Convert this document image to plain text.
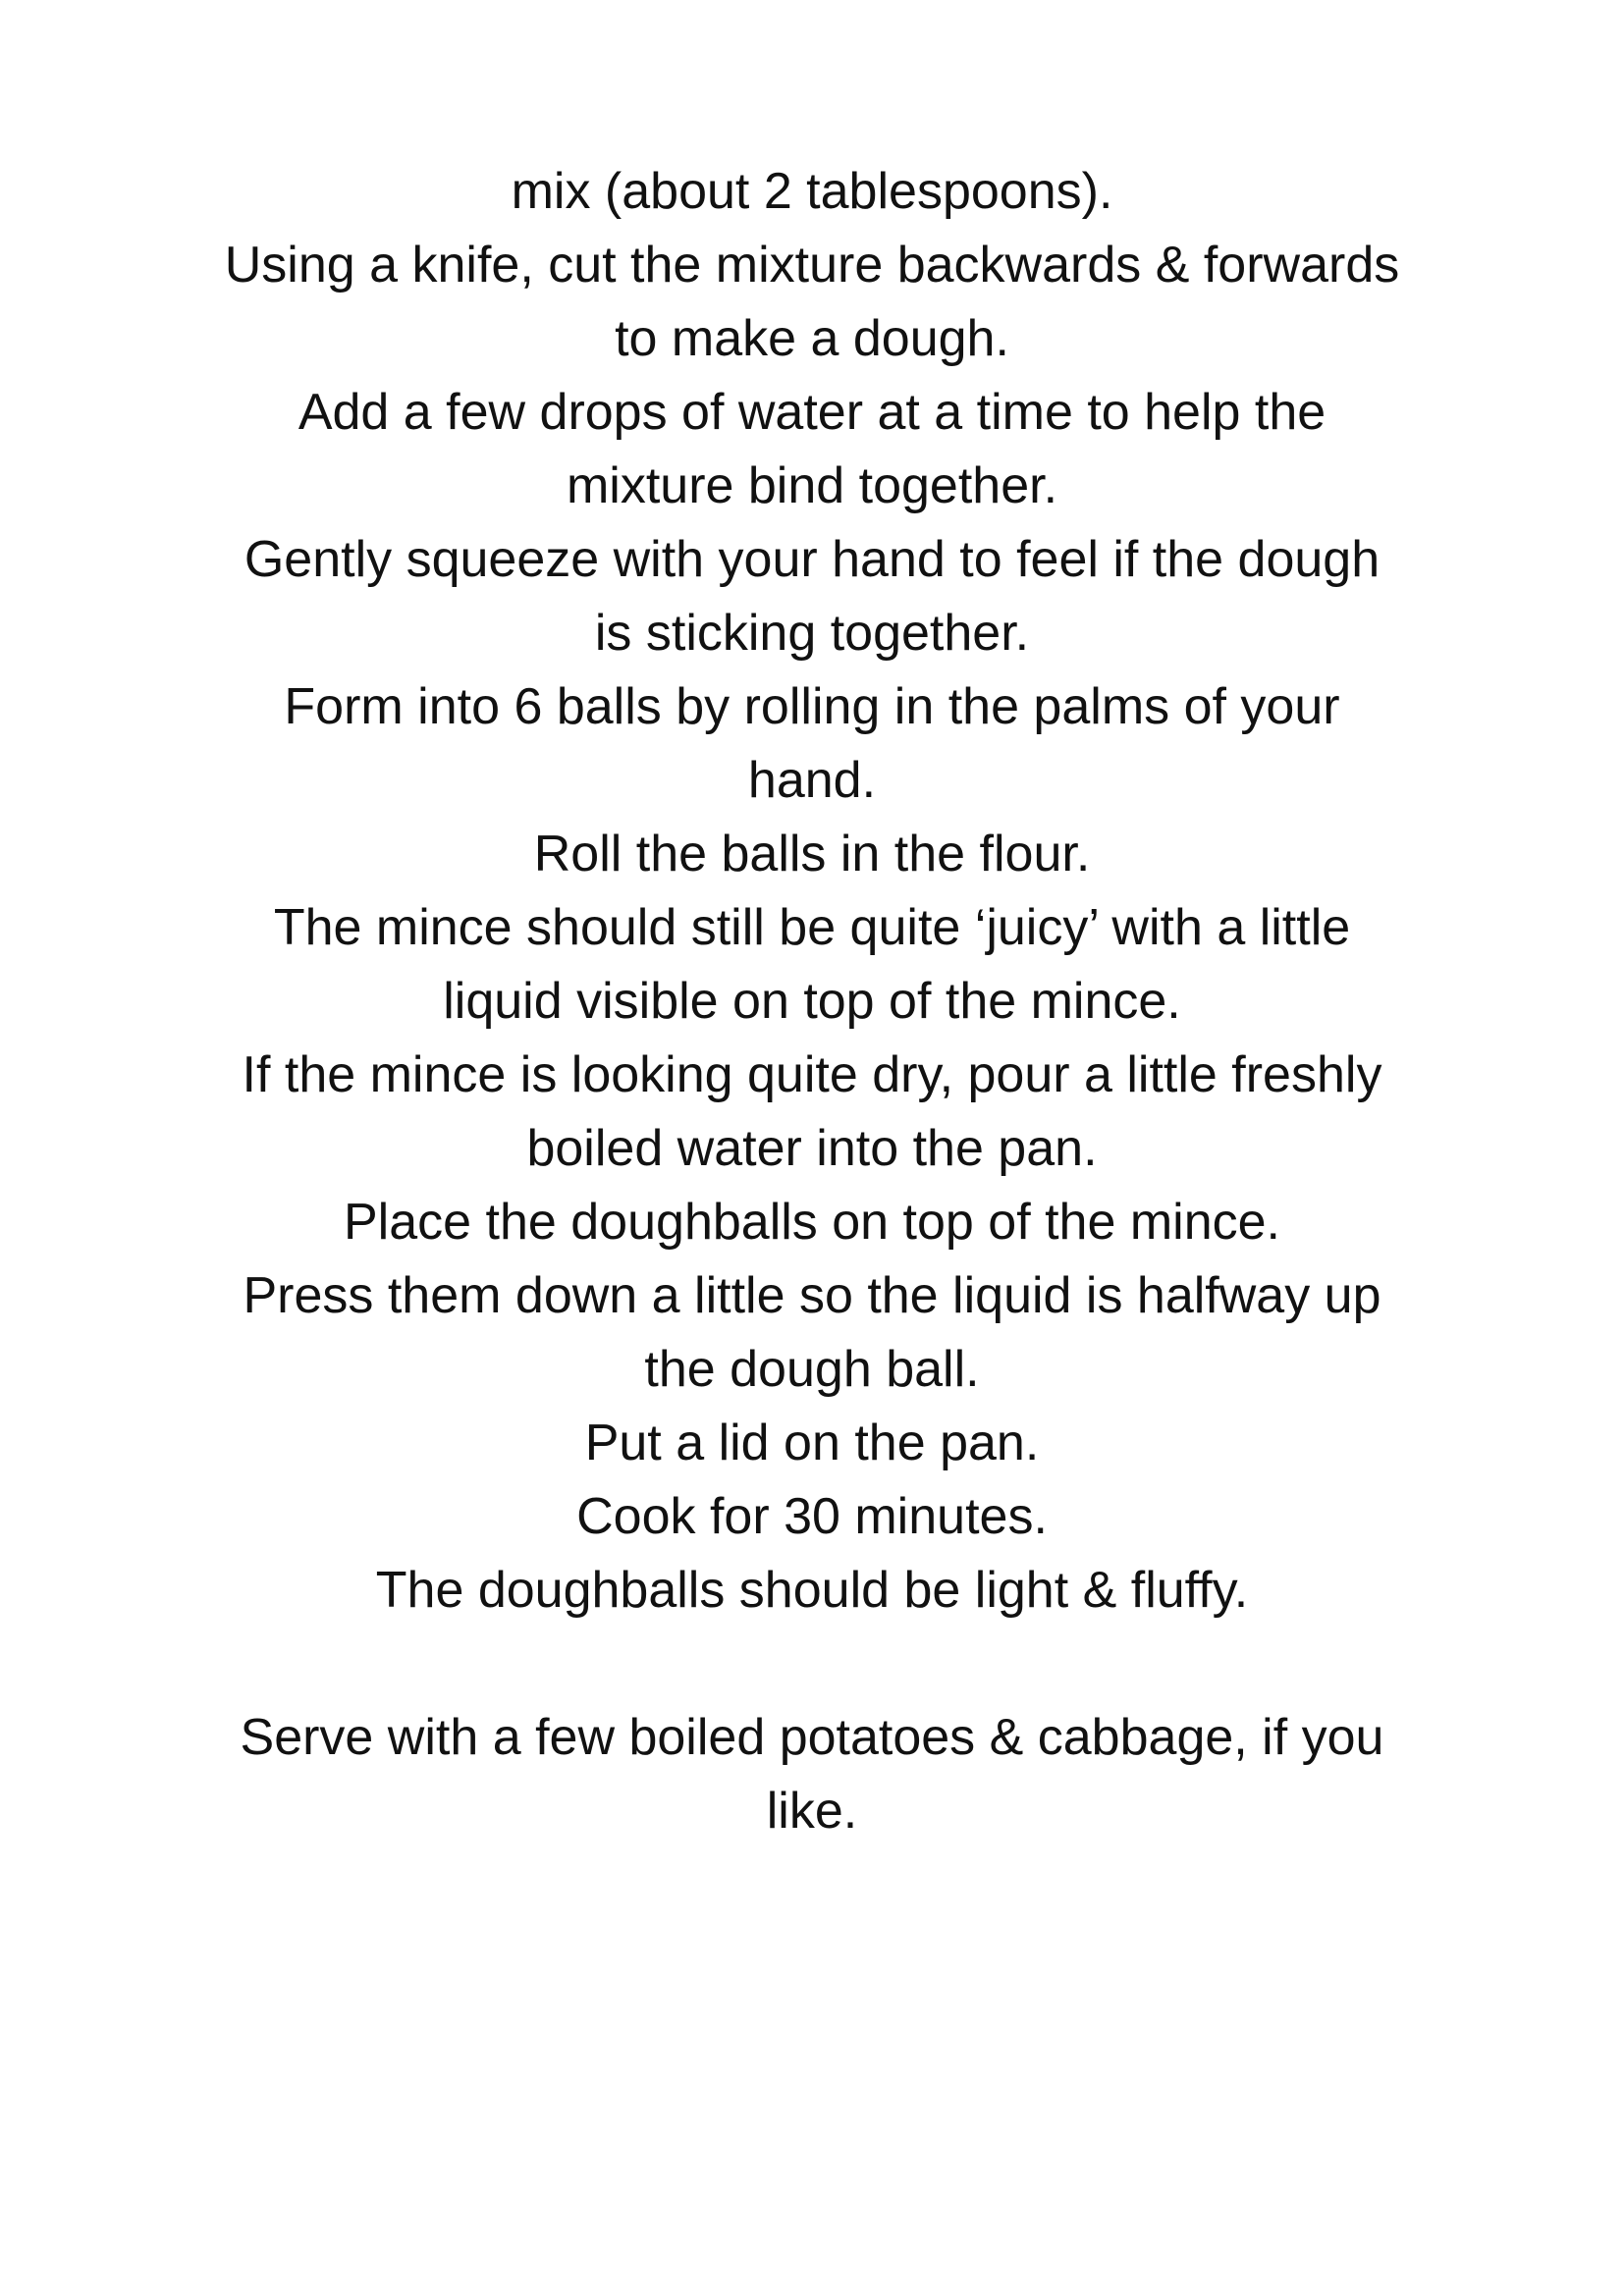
mix (about 2 tablespoons).
Using a knife, cut the mixture backwards & forwards
to make a dough.
Add a few drops of water at a time to help the
mixture bind together.
Gently squeeze with your hand to feel if the dough
is sticking together.
Form into 6 balls by rolling in the palms of your
hand.
Roll the balls in the flour.
The mince should still be quite ‘juicy’ with a little
liquid visible on top of the mince.
If the mince is looking quite dry, pour a little freshly
boiled water into the pan.
Place the doughballs on top of the mince.
Press them down a little so the liquid is halfway up
the dough ball.
Put a lid on the pan.
Cook for 30 minutes.
The doughballs should be light & fluffy.
Serve with a few boiled potatoes & cabbage, if you
like.
